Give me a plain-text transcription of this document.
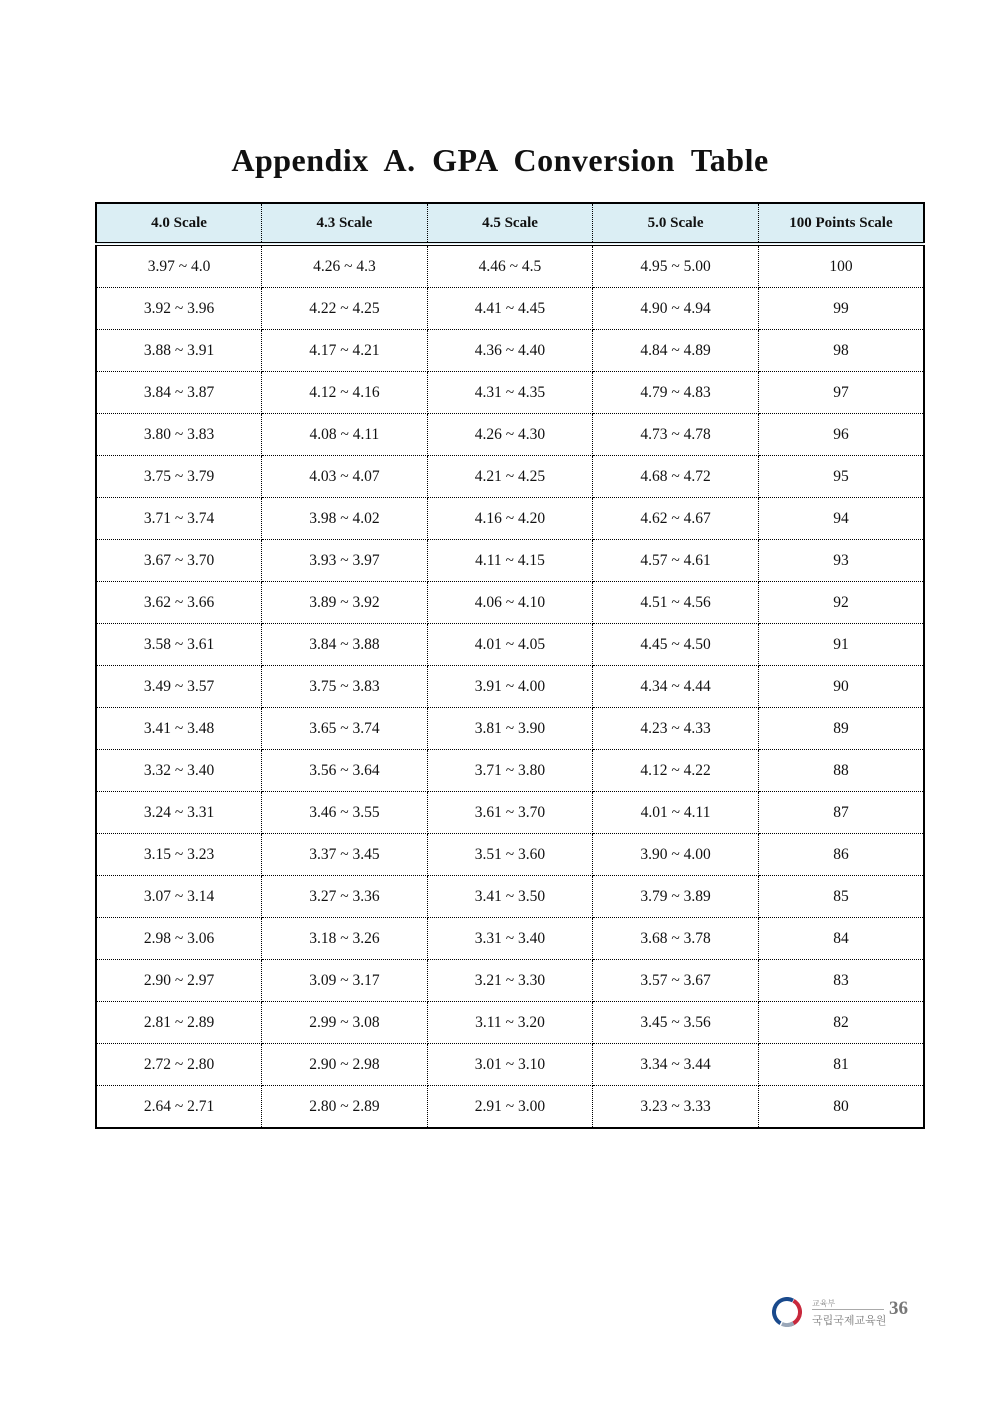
Appendix A. GPA Conversion Table
4.0 Scale	4.3 Scale	4.5 Scale	5.0 Scale	100 Points Scale
3.97 ~ 4.0	4.26 ~ 4.3	4.46 ~ 4.5	4.95 ~ 5.00	100
3.92 ~ 3.96	4.22 ~ 4.25	4.41 ~ 4.45	4.90 ~ 4.94	99
3.88 ~ 3.91	4.17 ~ 4.21	4.36 ~ 4.40	4.84 ~ 4.89	98
3.84 ~ 3.87	4.12 ~ 4.16	4.31 ~ 4.35	4.79 ~ 4.83	97
3.80 ~ 3.83	4.08 ~ 4.11	4.26 ~ 4.30	4.73 ~ 4.78	96
3.75 ~ 3.79	4.03 ~ 4.07	4.21 ~ 4.25	4.68 ~ 4.72	95
3.71 ~ 3.74	3.98 ~ 4.02	4.16 ~ 4.20	4.62 ~ 4.67	94
3.67 ~ 3.70	3.93 ~ 3.97	4.11 ~ 4.15	4.57 ~ 4.61	93
3.62 ~ 3.66	3.89 ~ 3.92	4.06 ~ 4.10	4.51 ~ 4.56	92
3.58 ~ 3.61	3.84 ~ 3.88	4.01 ~ 4.05	4.45 ~ 4.50	91
3.49 ~ 3.57	3.75 ~ 3.83	3.91 ~ 4.00	4.34 ~ 4.44	90
3.41 ~ 3.48	3.65 ~ 3.74	3.81 ~ 3.90	4.23 ~ 4.33	89
3.32 ~ 3.40	3.56 ~ 3.64	3.71 ~ 3.80	4.12 ~ 4.22	88
3.24 ~ 3.31	3.46 ~ 3.55	3.61 ~ 3.70	4.01 ~ 4.11	87
3.15 ~ 3.23	3.37 ~ 3.45	3.51 ~ 3.60	3.90 ~ 4.00	86
3.07 ~ 3.14	3.27 ~ 3.36	3.41 ~ 3.50	3.79 ~ 3.89	85
2.98 ~ 3.06	3.18 ~ 3.26	3.31 ~ 3.40	3.68 ~ 3.78	84
2.90 ~ 2.97	3.09 ~ 3.17	3.21 ~ 3.30	3.57 ~ 3.67	83
2.81 ~ 2.89	2.99 ~ 3.08	3.11 ~ 3.20	3.45 ~ 3.56	82
2.72 ~ 2.80	2.90 ~ 2.98	3.01 ~ 3.10	3.34 ~ 3.44	81
2.64 ~ 2.71	2.80 ~ 2.89	2.91 ~ 3.00	3.23 ~ 3.33	80
교육부
국립국제교육원
36
